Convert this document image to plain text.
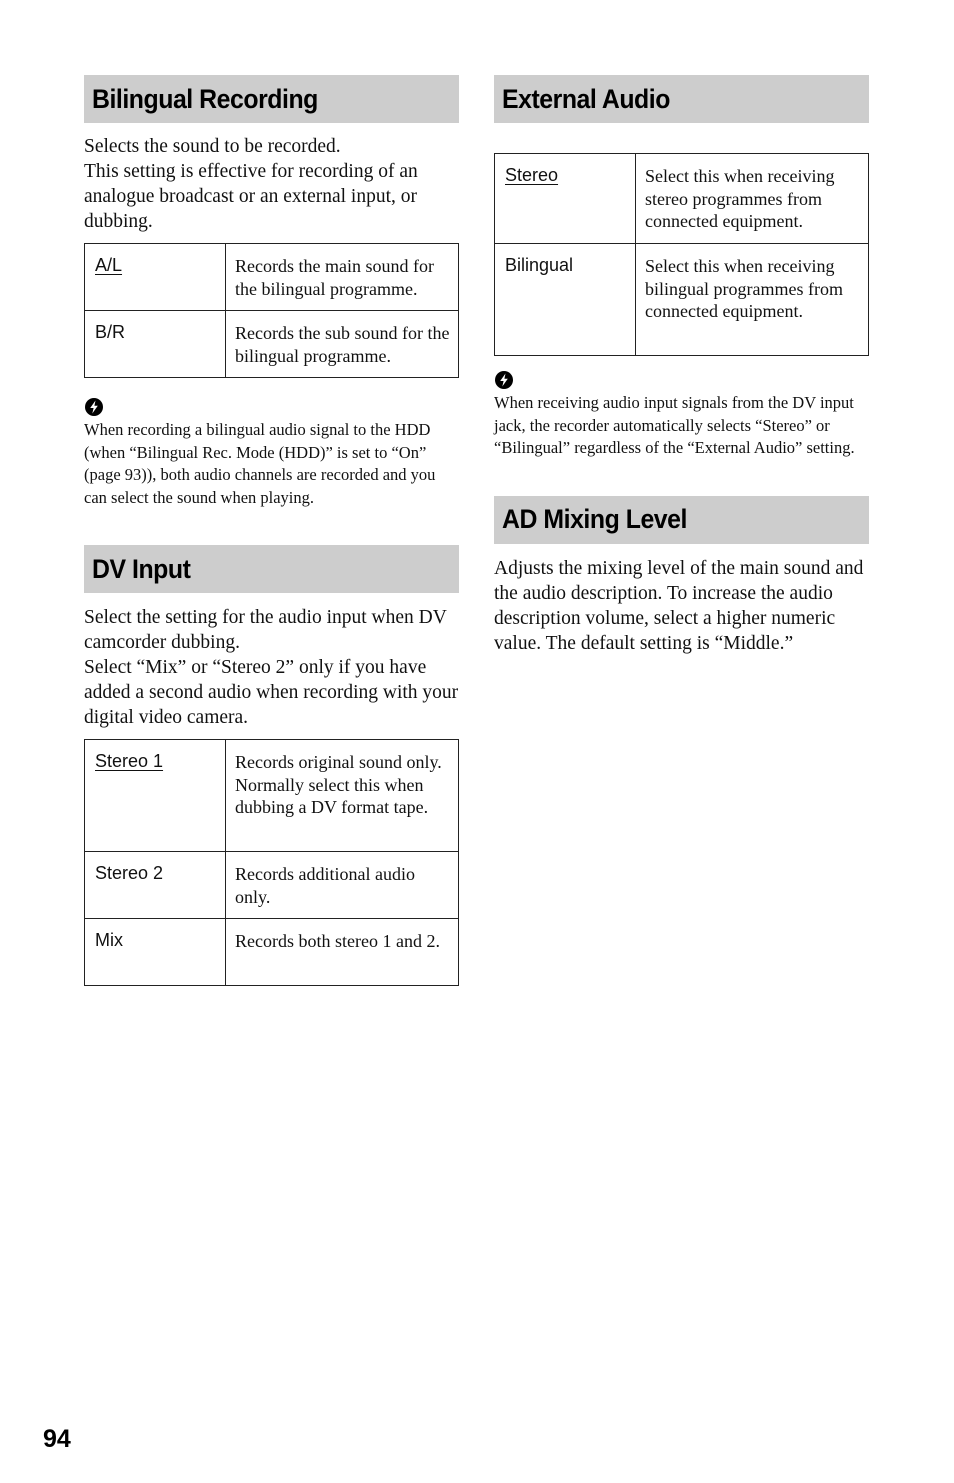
Bilingual Recording

Selects the sound to be recorded.

This setting is effective for recording of an analogue broadcast or an external input, or dubbing.

A/L	Records the main sound for the bilingual programme.
B/R	Records the sub sound for the bilingual programme.

When recording a bilingual audio signal to the HDD (when “Bilingual Rec. Mode (HDD)” is set to “On” (page 93)), both audio channels are recorded and you can select the sound when playing.

DV Input

Select the setting for the audio input when DV camcorder dubbing.

Select “Mix” or “Stereo 2” only if you have added a second audio when recording with your digital video camera.

Stereo 1	Records original sound only. Normally select this when dubbing a DV format tape.
Stereo 2	Records additional audio only.
Mix	Records both stereo 1 and 2.
External Audio
Stereo	Select this when receiving stereo programmes from connected equipment.
Bilingual	Select this when receiving bilingual programmes from connected equipment.

When receiving audio input signals from the DV input jack, the recorder automatically selects “Stereo” or “Bilingual” regardless of the “External Audio” setting.

AD Mixing Level

Adjusts the mixing level of the main sound and the audio description. To increase the audio description volume, select a higher numeric value. The default setting is “Middle.”

94
